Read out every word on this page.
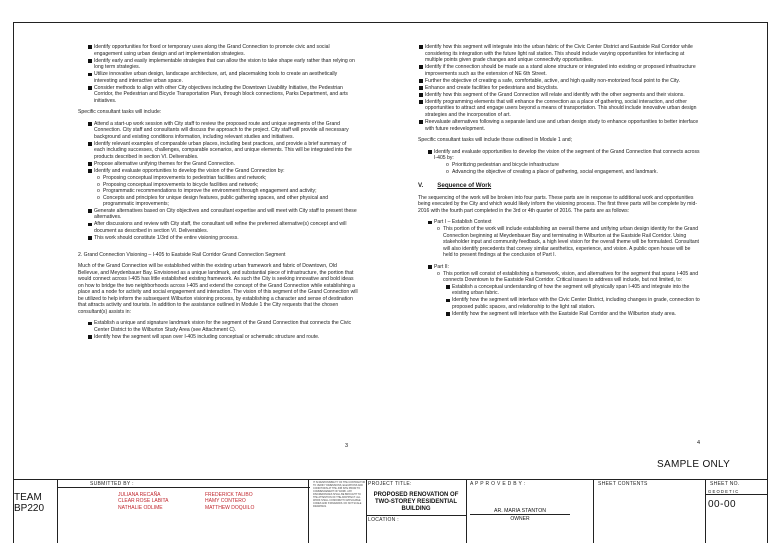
Identify opportunities for fixed or temporary uses along the Grand Connection to promote civic and social engagement using urban design and art implementation strategies.
Identify early and easily implementable strategies that can allow the vision to take shape early rather than relying on long term strategies.
Utilize innovative urban design, landscape architecture, art, and placemaking tools to create an aesthetically interesting and interactive urban space.
Consider methods to align with other City objectives including the Downtown Livability Initiative, the Pedestrian Corridor, the Pedestrian and Bicycle Transportation Plan, through block connections, Parks Department, and arts initiatives.
Specific consultant tasks will include:
Attend a start-up work session with City staff to review the proposed route and unique segments of the Grand Connection. City staff and consultants will discuss the approach to the project. City staff will provide all necessary background and existing conditions information, including relevant studies and initiatives.
Identify relevant examples of comparable urban places, including best practices, and provide a brief summary of each including successes, challenges, comparable scenarios, and unique elements. This will be integrated into the products described in section VI. Deliverables.
Propose alternative unifying themes for the Grand Connection.
Identify and evaluate opportunities to develop the vision of the Grand Connection by:
o Proposing conceptual improvements to pedestrian facilities and network;
o Proposing conceptual improvements to bicycle facilities and network;
o Programmatic recommendations to improve the environment through engagement and activity;
o Concepts and principles for unique design features, public gathering spaces, and other physical and programmatic improvements;
Generate alternatives based on City objectives and consultant expertise and will meet with City staff to present these alternatives.
After discussions and review with City staff, the consultant will refine the preferred alternative(s) concept and will document as described in section VI. Deliverables.
This work should constitute 1/3rd of the entire visioning process.
2. Grand Connection Visioning – I-405 to Eastside Rail Corridor Grand Connection Segment
Much of the Grand Connection will be established within the existing urban framework and fabric of Downtown, Old Bellevue, and Meydenbauer Bay. Envisioned as a unique landmark, and substantial piece of infrastructure, the portion that would connect across I-405 has little established existing framework. As such the City is seeking innovative and bold ideas on how to bridge the two neighborhoods across I-405 and extend the concept of the Grand Connection while establishing a place and a node for activity and social engagement and interaction. The vision of this segment of the Grand Connection will be utilized to help inform the subsequent Wilburton visioning process, by establishing a character and sense of destination that attracts activity and tourists. In addition to the assistance outlined in Module 1 the City requests that the chosen consultant(s) assists in:
Establish a unique and signature landmark vision for the segment of the Grand Connection that connects the Civic Center District to the Wilburton Study Area (see Attachment C).
Identify how the segment will span over I-405 including conceptual or schematic structure and route.
3
Identify how this segment will integrate into the urban fabric of the Civic Center District and Eastside Rail Corridor while considering its integration with the future light rail station. This should include varying opportunities for interfacing at multiple points given grade changes and unique connectivity opportunities.
Identify if the connection should be made as a stand alone structure or integrated into existing or proposed infrastructure improvements such as the extension of NE 6th Street.
Further the objective of creating a safe, comfortable, active, and high quality non-motorized focal point to the City.
Enhance and create facilities for pedestrians and bicyclists.
Identify how this segment of the Grand Connection will relate and identify with the other segments and their visions.
Identify programming elements that will enhance the connection as a place of gathering, social interaction, and other opportunities to attract and engage users beyond a means of transportation. This should include innovative urban design strategies and the incorporation of art.
Reevaluate alternatives following a separate land use and urban design study to enhance opportunities to better interface with future redevelopment.
Specific consultant tasks will include those outlined in Module 1 and;
Identify and evaluate opportunities to develop the vision of the segment of the Grand Connection that connects across I-405 by:
o Prioritizing pedestrian and bicycle infrastructure
o Advancing the objective of creating a place of gathering, social engagement, and landmark.
V. Sequence of Work
The sequencing of the work will be broken into four parts. These parts are in response to additional work and opportunities being executed by the City and which would likely inform the visioning process. The first three parts will be complete by mid-2016 with the fourth part completed in the 3rd or 4th quarter of 2016. The parts are as follows:
Part I – Establish Context
o This portion of the work will include establishing an overall theme and unifying urban design identity for the Grand Connection beginning at Meydenbauer Bay and terminating in Wilburton at the Eastside Rail Corridor. Using stakeholder input and community feedback, a high level vision for the overall theme will be formulated. Consultant will also identify precedents that convey similar aesthetics, experience, and vision. A public open house will be held to present findings at the conclusion of Part I.
Part II:
o This portion will consist of establishing a framework, vision, and alternatives for the segment that spans I-405 and connects Downtown to the Eastside Rail Corridor. Critical issues to address will include, but not limited, to:
Establish a conceptual understanding of how the segment will physically span I-405 and integrate into the existing urban fabric.
Identify how the segment will interface with the Civic Center District, including changes in grade, connection to proposed public spaces, and relationship to the light rail station.
Identify how the segment will interface with the Eastside Rail Corridor and the Wilburton study area.
4
SAMPLE ONLY
TEAM
BP220
SUBMITTED BY :
JULIANA RECAÑA
CLEAR ROSE LABITA
NATHALIE ODLIME
FREDERICK TALIBO
HAMY CONTERO
MATTHEW DOQUILO
IT IS RESPONSIBILITY OF THE CONTRACTOR TO VERIFY DIMENSIONS, ELEVATIONS AND CONDITIONS AT THE JOB SITE PRIOR TO COMMENCEMENT OF WORK. ANY DISCREPANCIES SHALL BE BROUGHT TO THE ATTENTION OF THE ARCHITECT. ALL WORK SHALL CONFORM TO APPLICABLE CODES AND STANDARDS. DO NOT SCALE DRAWINGS.
PROJECT TITLE:
PROPOSED RENOVATION OF TWO-STOREY RESIDENTIAL BUILDING
LOCATION :
A P P R O V E D B Y :
AR. MARIA STANTON
OWNER
SHEET CONTENTS	SHEET NO.
GEODETIC
00-00
